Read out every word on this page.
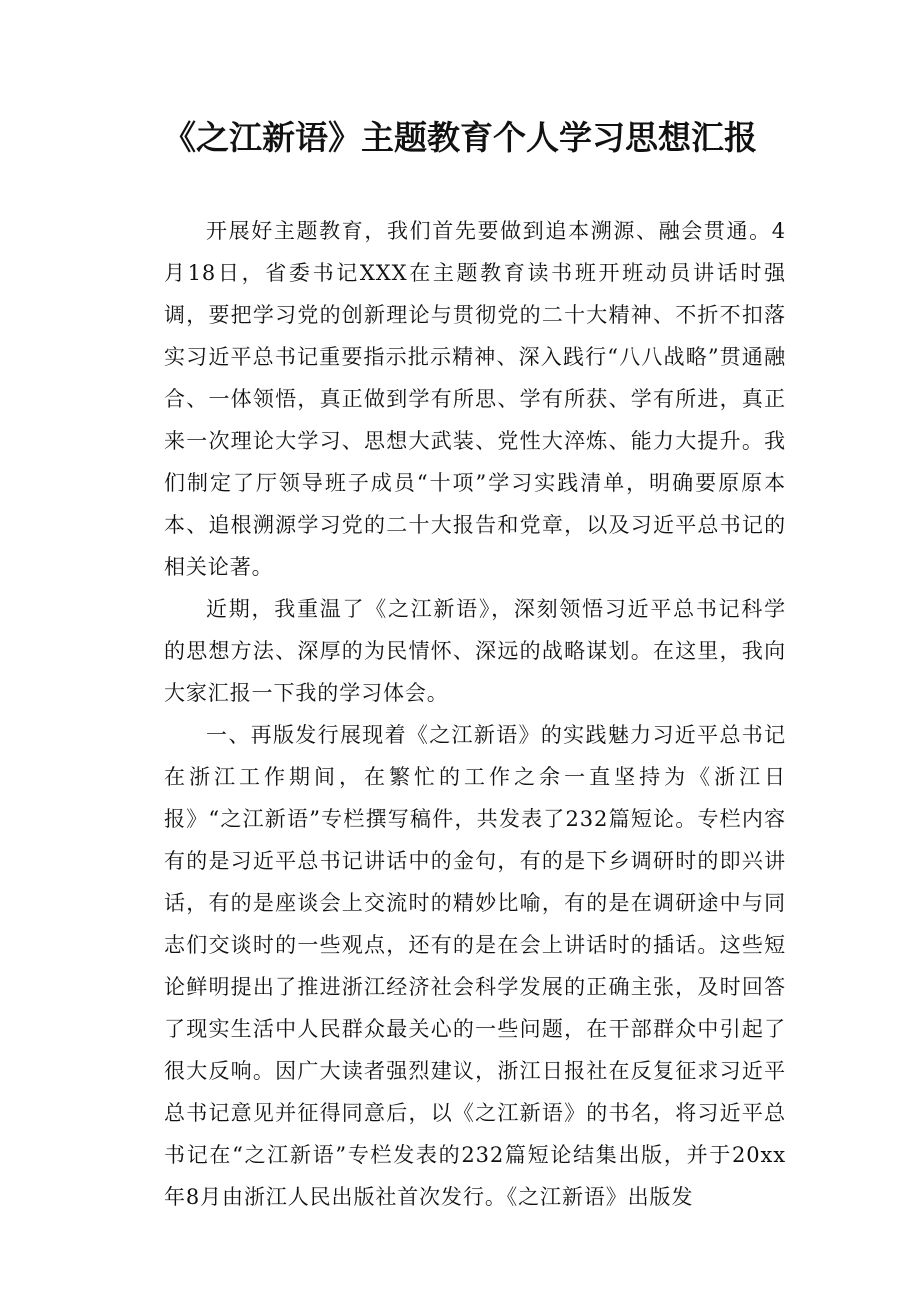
《之江新语》主题教育个人学习思想汇报

开展好主题教育，我们首先要做到追本溯源、融会贯通。4月18日，省委书记XXX在主题教育读书班开班动员讲话时强调，要把学习党的创新理论与贯彻党的二十大精神、不折不扣落实习近平总书记重要指示批示精神、深入践行“八八战略”贯通融合、一体领悟，真正做到学有所思、学有所获、学有所进，真正来一次理论大学习、思想大武装、党性大淬炼、能力大提升。我们制定了厅领导班子成员“十项”学习实践清单，明确要原原本本、追根溯源学习党的二十大报告和党章，以及习近平总书记的相关论著。

近期，我重温了《之江新语》，深刻领悟习近平总书记科学的思想方法、深厚的为民情怀、深远的战略谋划。在这里，我向大家汇报一下我的学习体会。

一、再版发行展现着《之江新语》的实践魅力习近平总书记在浙江工作期间，在繁忙的工作之余一直坚持为《浙江日报》“之江新语”专栏撰写稿件，共发表了232篇短论。专栏内容有的是习近平总书记讲话中的金句，有的是下乡调研时的即兴讲话，有的是座谈会上交流时的精妙比喻，有的是在调研途中与同志们交谈时的一些观点，还有的是在会上讲话时的插话。这些短论鲜明提出了推进浙江经济社会科学发展的正确主张，及时回答了现实生活中人民群众最关心的一些问题，在干部群众中引起了很大反响。因广大读者强烈建议，浙江日报社在反复征求习近平总书记意见并征得同意后，以《之江新语》的书名，将习近平总书记在“之江新语”专栏发表的232篇短论结集出版，并于20xx年8月由浙江人民出版社首次发行。《之江新语》出版发
